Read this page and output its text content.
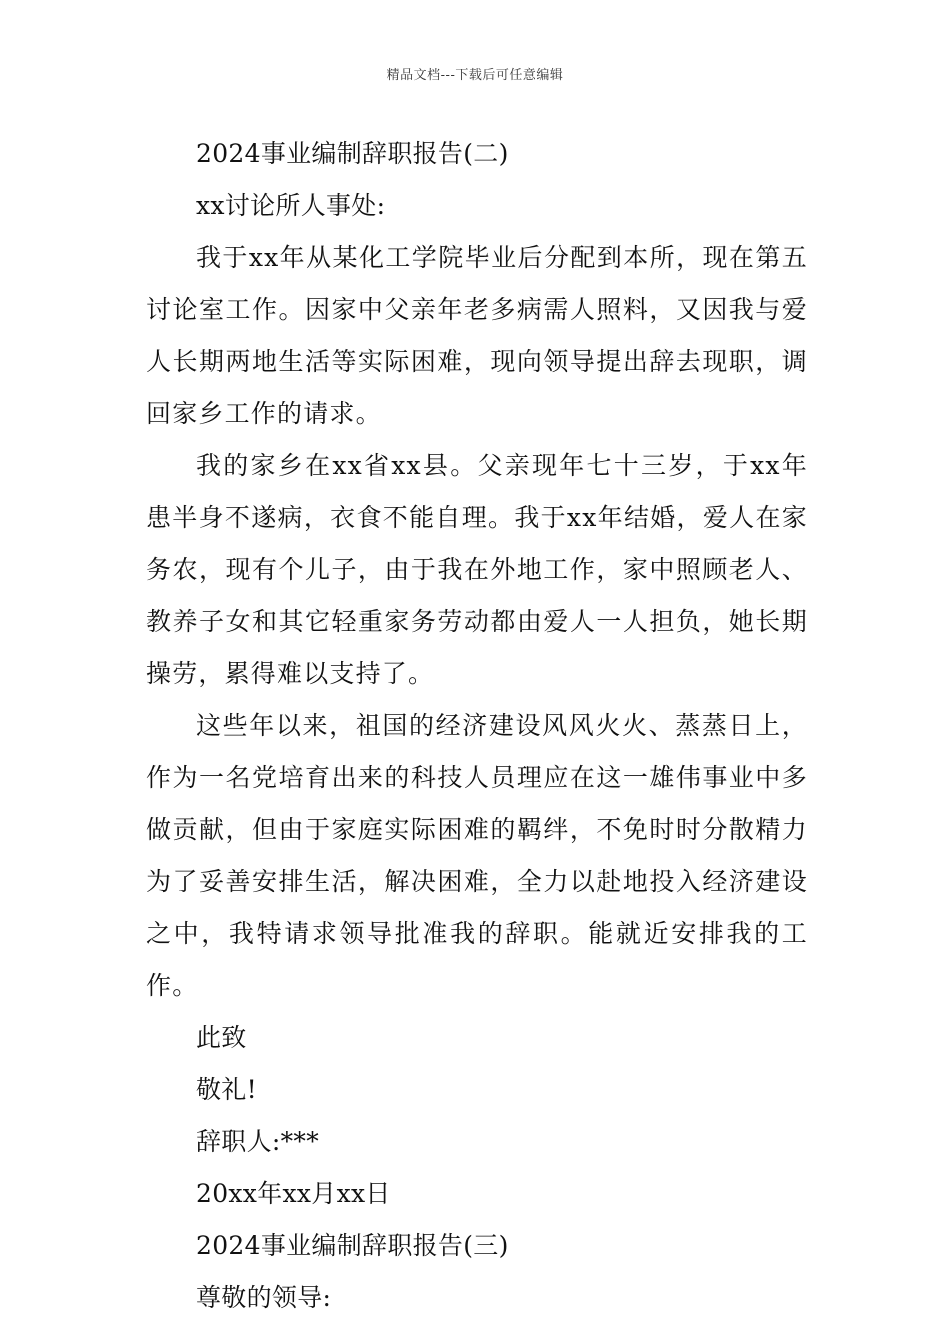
精品文档---下载后可任意编辑
2024事业编制辞职报告(二)
xx讨论所人事处:

我于xx年从某化工学院毕业后分配到本所，现在第五讨论室工作。因家中父亲年老多病需人照料，又因我与爱人长期两地生活等实际困难，现向领导提出辞去现职，调回家乡工作的请求。

我的家乡在xx省xx县。父亲现年七十三岁，于xx年患半身不遂病，衣食不能自理。我于xx年结婚，爱人在家务农，现有个儿子，由于我在外地工作，家中照顾老人、教养子女和其它轻重家务劳动都由爱人一人担负，她长期操劳，累得难以支持了。

这些年以来，祖国的经济建设风风火火、蒸蒸日上，作为一名党培育出来的科技人员理应在这一雄伟事业中多做贡献，但由于家庭实际困难的羁绊，不免时时分散精力为了妥善安排生活，解决困难，全力以赴地投入经济建设之中，我特请求领导批准我的辞职。能就近安排我的工作。

此致
敬礼!
辞职人:***
20xx年xx月xx日
2024事业编制辞职报告(三)
尊敬的领导:
